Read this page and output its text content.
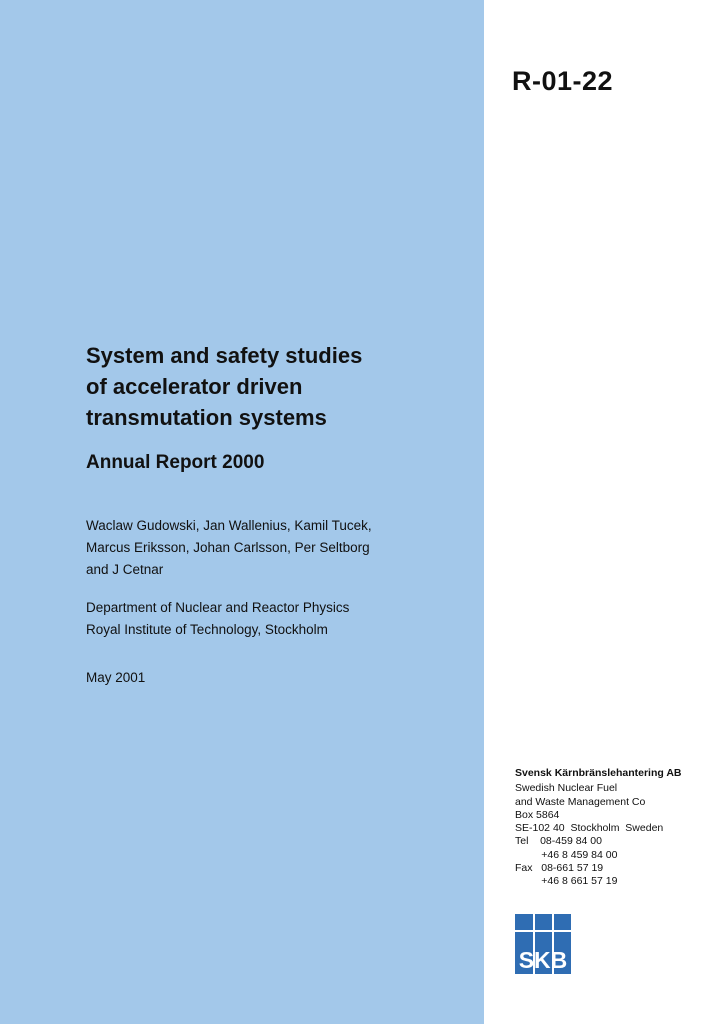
R-01-22
System and safety studies
of accelerator driven
transmutation systems
Annual Report 2000
Waclaw Gudowski, Jan Wallenius, Kamil Tucek,
Marcus Eriksson, Johan Carlsson, Per Seltborg
and J Cetnar
Department of Nuclear and Reactor Physics
Royal Institute of Technology, Stockholm
May 2001
Svensk Kärnbränslehantering AB
Swedish Nuclear Fuel
and Waste Management Co
Box 5864
SE-102 40  Stockholm  Sweden
Tel    08-459 84 00
+46 8 459 84 00
Fax   08-661 57 19
+46 8 661 57 19
SKB
